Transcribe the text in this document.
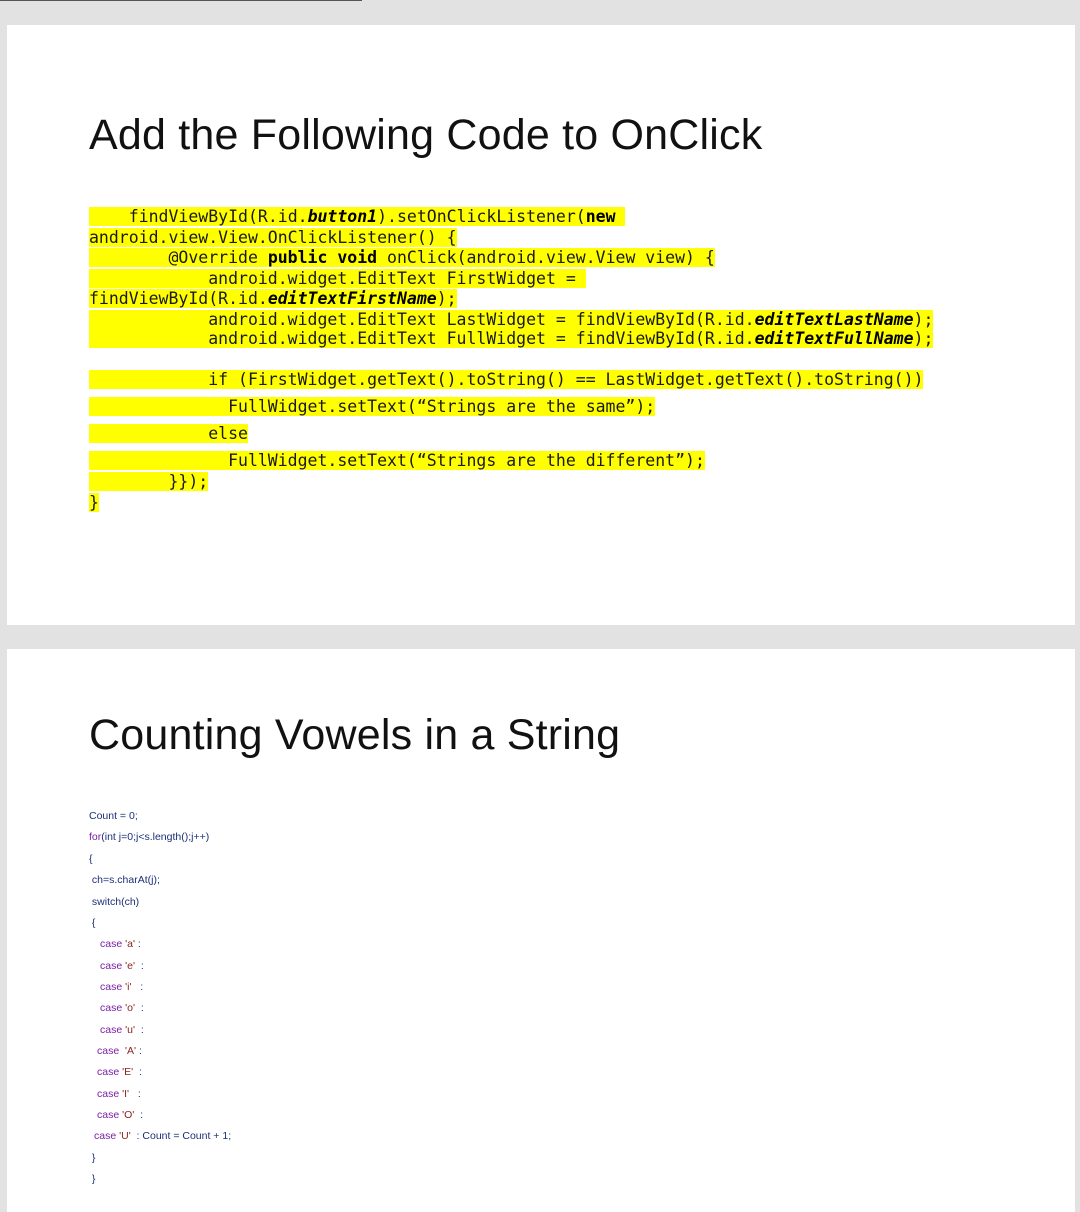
Add the Following Code to OnClick
findViewById(R.id.button1).setOnClickListener(new
android.view.View.OnClickListener() {
@Override public void onClick(android.view.View view) {
android.widget.EditText FirstWidget =
findViewById(R.id.editTextFirstName);
android.widget.EditText LastWidget = findViewById(R.id.editTextLastName);
android.widget.EditText FullWidget = findViewById(R.id.editTextFullName);
if (FirstWidget.getText().toString() == LastWidget.getText().toString())
FullWidget.setText(“Strings are the same”);
else
FullWidget.setText(“Strings are the different”);
}});
}
Counting Vowels in a String
Count = 0;
for(int j=0;j<s.length();j++)
{
ch=s.charAt(j);
switch(ch)
{
case 'a' :
case 'e' :
case 'i' :
case 'o' :
case 'u' :
case 'A' :
case 'E' :
case 'I' :
case 'O' :
case 'U' : Count = Count + 1;
}
}
